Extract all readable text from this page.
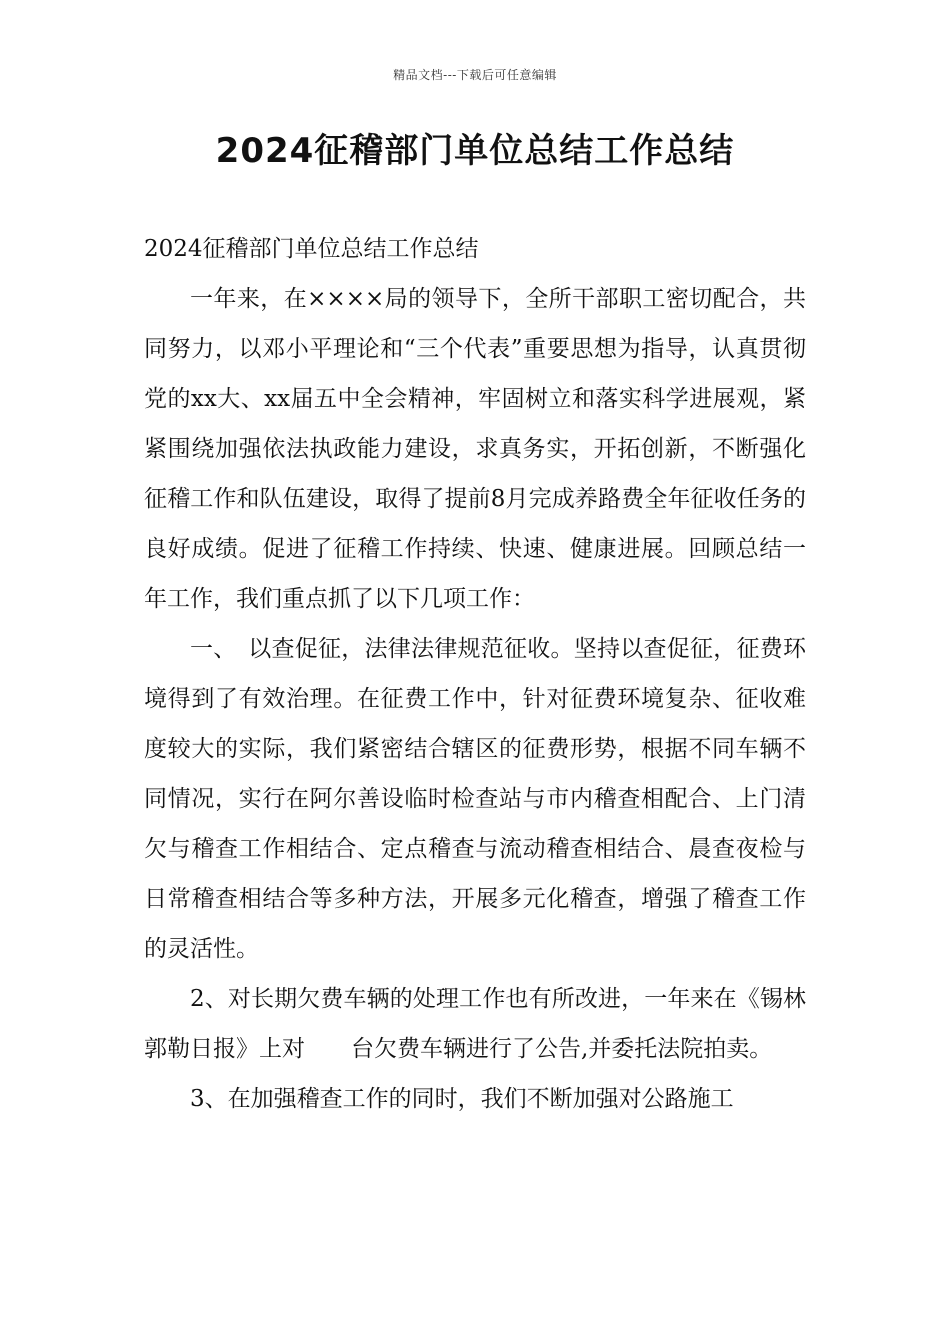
精品文档---下载后可任意编辑
2024征稽部门单位总结工作总结

2024征稽部门单位总结工作总结

一年来，在××××局的领导下，全所干部职工密切配合，共同努力，以邓小平理论和“三个代表”重要思想为指导，认真贯彻党的xx大、xx届五中全会精神，牢固树立和落实科学进展观，紧紧围绕加强依法执政能力建设，求真务实，开拓创新，不断强化征稽工作和队伍建设，取得了提前8月完成养路费全年征收任务的良好成绩。促进了征稽工作持续、快速、健康进展。回顾总结一年工作，我们重点抓了以下几项工作：

一、　以查促征，法律法律规范征收。坚持以查促征，征费环境得到了有效治理。在征费工作中，针对征费环境复杂、征收难度较大的实际，我们紧密结合辖区的征费形势，根据不同车辆不同情况，实行在阿尔善设临时检查站与市内稽查相配合、上门清欠与稽查工作相结合、定点稽查与流动稽查相结合、晨查夜检与日常稽查相结合等多种方法，开展多元化稽查，增强了稽查工作的灵活性。

2、对长期欠费车辆的处理工作也有所改进，一年来在《锡林郭勒日报》上对　　台欠费车辆进行了公告,并委托法院拍卖。

3、在加强稽查工作的同时，我们不断加强对公路施工
